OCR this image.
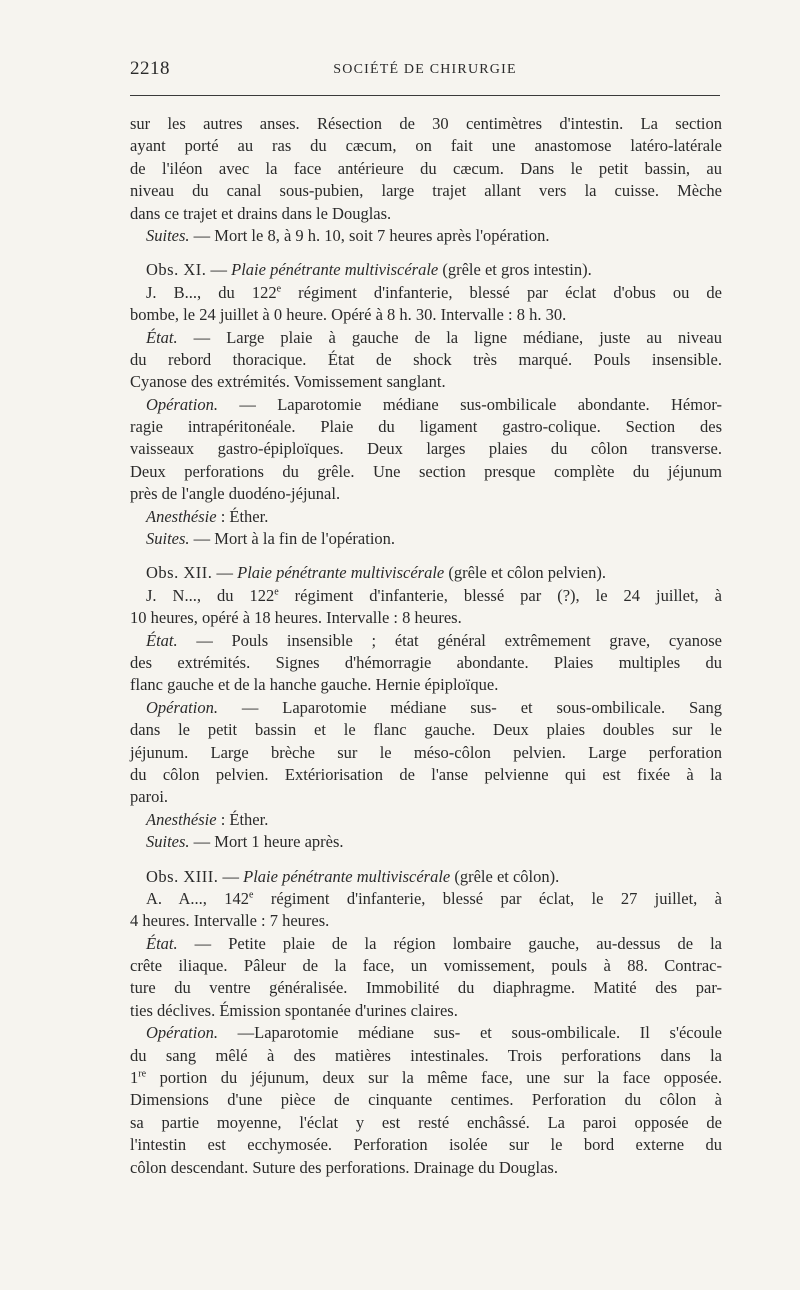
2218	SOCIÉTÉ DE CHIRURGIE
sur les autres anses. Résection de 30 centimètres d'intestin. La section
ayant porté au ras du cæcum, on fait une anastomose latéro-latérale
de l'iléon avec la face antérieure du cæcum. Dans le petit bassin, au
niveau du canal sous-pubien, large trajet allant vers la cuisse. Mèche
dans ce trajet et drains dans le Douglas.
Suites. — Mort le 8, à 9 h. 10, soit 7 heures après l'opération.
Obs. XI. — Plaie pénétrante multiviscérale (grêle et gros intestin).
J. B..., du 122e régiment d'infanterie, blessé par éclat d'obus ou de
bombe, le 24 juillet à 0 heure. Opéré à 8 h. 30. Intervalle : 8 h. 30.
État. — Large plaie à gauche de la ligne médiane, juste au niveau
du rebord thoracique. État de shock très marqué. Pouls insensible.
Cyanose des extrémités. Vomissement sanglant.
Opération. — Laparotomie médiane sus-ombilicale abondante. Hémor-
ragie intrapéritonéale. Plaie du ligament gastro-colique. Section des
vaisseaux gastro-épiploïques. Deux larges plaies du côlon transverse.
Deux perforations du grêle. Une section presque complète du jéjunum
près de l'angle duodéno-jéjunal.
Anesthésie : Éther.
Suites. — Mort à la fin de l'opération.
Obs. XII. — Plaie pénétrante multiviscérale (grêle et côlon pelvien).
J. N..., du 122e régiment d'infanterie, blessé par (?), le 24 juillet, à
10 heures, opéré à 18 heures. Intervalle : 8 heures.
État. — Pouls insensible ; état général extrêmement grave, cyanose
des extrémités. Signes d'hémorragie abondante. Plaies multiples du
flanc gauche et de la hanche gauche. Hernie épiploïque.
Opération. — Laparotomie médiane sus- et sous-ombilicale. Sang
dans le petit bassin et le flanc gauche. Deux plaies doubles sur le
jéjunum. Large brèche sur le méso-côlon pelvien. Large perforation
du côlon pelvien. Extériorisation de l'anse pelvienne qui est fixée à la
paroi.
Anesthésie : Éther.
Suites. — Mort 1 heure après.
Obs. XIII. — Plaie pénétrante multiviscérale (grêle et côlon).
A. A..., 142e régiment d'infanterie, blessé par éclat, le 27 juillet, à
4 heures. Intervalle : 7 heures.
État. — Petite plaie de la région lombaire gauche, au-dessus de la
crête iliaque. Pâleur de la face, un vomissement, pouls à 88. Contrac-
ture du ventre généralisée. Immobilité du diaphragme. Matité des par-
ties déclives. Émission spontanée d'urines claires.
Opération. —Laparotomie médiane sus- et sous-ombilicale. Il s'écoule
du sang mêlé à des matières intestinales. Trois perforations dans la
1re portion du jéjunum, deux sur la même face, une sur la face opposée.
Dimensions d'une pièce de cinquante centimes. Perforation du côlon à
sa partie moyenne, l'éclat y est resté enchâssé. La paroi opposée de
l'intestin est ecchymosée. Perforation isolée sur le bord externe du
côlon descendant. Suture des perforations. Drainage du Douglas.
